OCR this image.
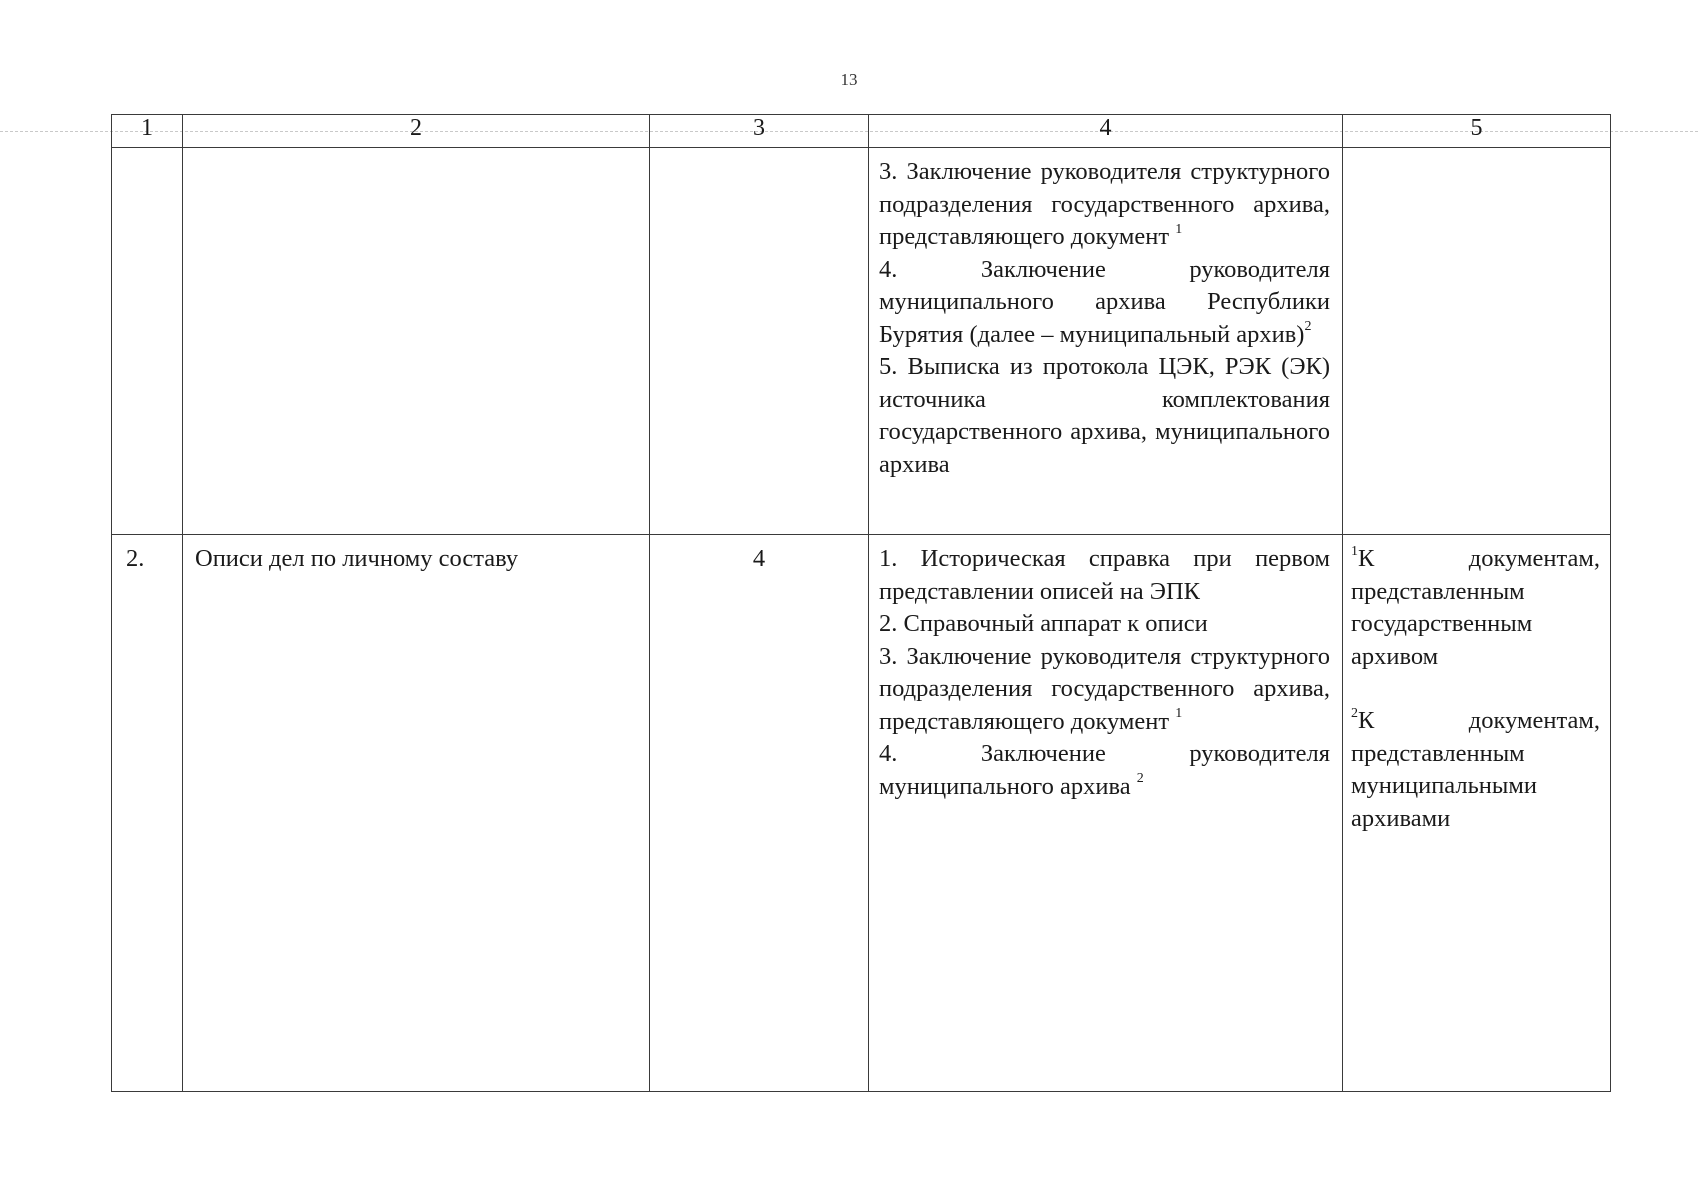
13
1	2	3	4	5

			3. Заключение руководителя структурного подразделения государственного архива, представляющего документ $^1$
4. Заключение руководителя муниципального архива Республики Бурятия (далее – муниципальный архив)$^2$
5. Выписка из протокола ЦЭК, РЭК (ЭК) источника комплектования государственного архива, муниципального архива	

2.	Описи дел по личному составу	4	1. Историческая справка при первом представлении описей на ЭПК
2. Справочный аппарат к описи
3. Заключение руководителя структурного подразделения государственного архива, представляющего документ $^1$
4. Заключение руководителя муниципального архива $^2$	$^1$К документам, представленным государственным архивом
$^2$К документам, представленным муниципальными архивами
